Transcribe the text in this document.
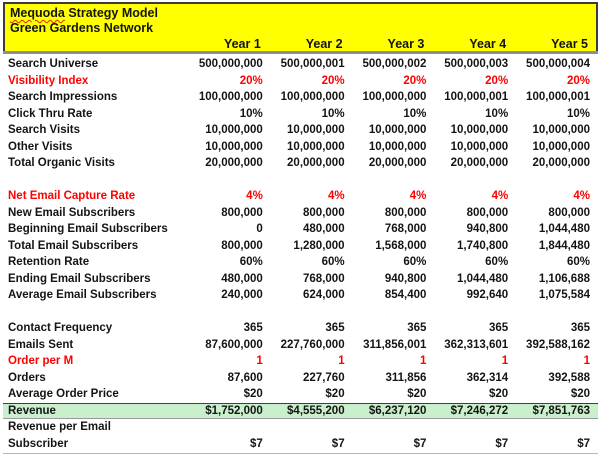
Mequoda Strategy Model
Green Gardens Network
Year 1	Year 2	Year 3	Year 4	Year 5
Search Universe	500,000,000	500,000,001	500,000,002	500,000,003	500,000,004
Visibility Index	20%	20%	20%	20%	20%
Search Impressions	100,000,000	100,000,000	100,000,000	100,000,001	100,000,001
Click Thru Rate	10%	10%	10%	10%	10%
Search Visits	10,000,000	10,000,000	10,000,000	10,000,000	10,000,000
Other Visits	10,000,000	10,000,000	10,000,000	10,000,000	10,000,000
Total Organic Visits	20,000,000	20,000,000	20,000,000	20,000,000	20,000,000
Net Email Capture Rate	4%	4%	4%	4%	4%
New Email Subscribers	800,000	800,000	800,000	800,000	800,000
Beginning Email Subscribers	0	480,000	768,000	940,800	1,044,480
Total Email Subscribers	800,000	1,280,000	1,568,000	1,740,800	1,844,480
Retention Rate	60%	60%	60%	60%	60%
Ending Email Subscribers	480,000	768,000	940,800	1,044,480	1,106,688
Average Email Subscribers	240,000	624,000	854,400	992,640	1,075,584
Contact Frequency	365	365	365	365	365
Emails Sent	87,600,000	227,760,000	311,856,001	362,313,601	392,588,162
Order per M	1	1	1	1	1
Orders	87,600	227,760	311,856	362,314	392,588
Average Order Price	$20	$20	$20	$20	$20
Revenue	$1,752,000	$4,555,200	$6,237,120	$7,246,272	$7,851,763
Revenue per Email
Subscriber	$7	$7	$7	$7	$7
